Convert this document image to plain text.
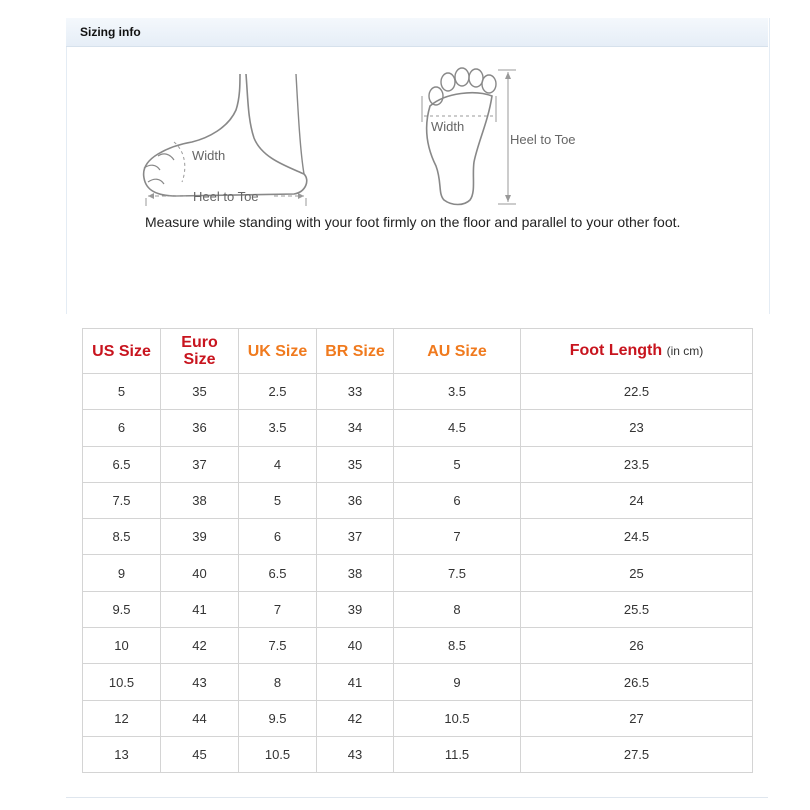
Sizing info
Width
Heel to Toe
Width
Heel to Toe
Measure while standing with your foot firmly on the floor and parallel to your other foot.
US Size	Euro
Size	UK Size	BR Size	AU Size	Foot Length (in cm)
5	35	2.5	33	3.5	22.5
6	36	3.5	34	4.5	23
6.5	37	4	35	5	23.5
7.5	38	5	36	6	24
8.5	39	6	37	7	24.5
9	40	6.5	38	7.5	25
9.5	41	7	39	8	25.5
10	42	7.5	40	8.5	26
10.5	43	8	41	9	26.5
12	44	9.5	42	10.5	27
13	45	10.5	43	11.5	27.5
